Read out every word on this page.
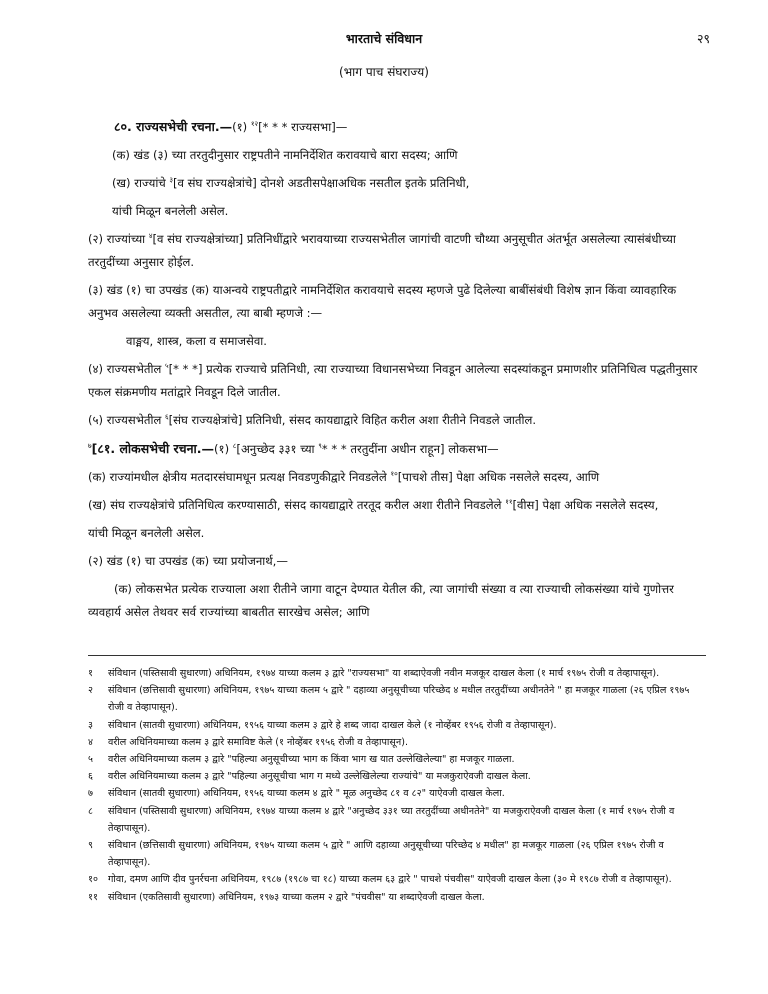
भारताचे संविधान	२९
(भाग पाच संघराज्य)

८०. राज्यसभेची रचना.—(१) $^{१२}$[* * * राज्यसभा]—

(क) खंड (३) च्या तरतुदीनुसार राष्ट्रपतीने नामनिर्देशित करावयाचे बारा सदस्य; आणि

(ख) राज्यांचे $^३$[व संघ राज्यक्षेत्रांचे] दोनशे अडतीसपेक्षाअधिक नसतील इतके प्रतिनिधी,

यांची मिळून बनलेली असेल.

(२) राज्यांच्या $^४$[व संघ राज्यक्षेत्रांच्या] प्रतिनिधींद्वारे भरावयाच्या राज्यसभेतील जागांची वाटणी चौथ्या अनुसूचीत अंतर्भूत असलेल्या त्यासंबंधीच्या तरतुदींच्या अनुसार होईल.

(३) खंड (१) चा उपखंड (क) याअन्वये राष्ट्रपतीद्वारे नामनिर्देशित करावयाचे सदस्य म्हणजे पुढे दिलेल्या बाबींसंबंधी विशेष ज्ञान किंवा व्यावहारिक अनुभव असलेल्या व्यक्ती असतील, त्या बाबी म्हणजे :—

वाङ्मय, शास्त्र, कला व समाजसेवा.

(४) राज्यसभेतील $^५$[* * *] प्रत्येक राज्याचे प्रतिनिधी, त्या राज्याच्या विधानसभेच्या निवडून आलेल्या सदस्यांकडून प्रमाणशीर प्रतिनिधित्व पद्धतीनुसार एकल संक्रमणीय मतांद्वारे निवडून दिले जातील.

(५) राज्यसभेतील $^६$[संघ राज्यक्षेत्रांचे] प्रतिनिधी, संसद कायद्याद्वारे विहित करील अशा रीतीने निवडले जातील.

$^७$[८१. लोकसभेची रचना.—(१) $^८$[अनुच्छेद ३३१ च्या $^९$* * * तरतुदींना अधीन राहून] लोकसभा—

(क) राज्यांमधील क्षेत्रीय मतदारसंघामधून प्रत्यक्ष निवडणुकीद्वारे निवडलेले $^{१०}$[पाचशे तीस] पेक्षा अधिक नसलेले सदस्य, आणि

(ख) संघ राज्यक्षेत्रांचे प्रतिनिधित्व करण्यासाठी, संसद कायद्याद्वारे तरतूद करील अशा रीतीने निवडलेले $^{११}$[वीस] पेक्षा अधिक नसलेले सदस्य,

यांची मिळून बनलेली असेल.

(२) खंड (१) चा उपखंड (क) च्या प्रयोजनार्थ,—

(क) लोकसभेत प्रत्येक राज्याला अशा रीतीने जागा वाटून देण्यात येतील की, त्या जागांची संख्या व त्या राज्याची लोकसंख्या यांचे गुणोत्तर व्यवहार्य असेल तेथवर सर्व राज्यांच्या बाबतीत सारखेच असेल; आणि

१ संविधान (पस्तिसावी सुधारणा) अधिनियम, १९७४ याच्या कलम ३ द्वारे "राज्यसभा" या शब्दाऐवजी नवीन मजकूर दाखल केला (१ मार्च १९७५ रोजी व तेव्हापासून).

२ संविधान (छत्तिसावी सुधारणा) अधिनियम, १९७५ याच्या कलम ५ द्वारे " दहाव्या अनुसूचीच्या परिच्छेद ४ मधील तरतुदींच्या अधीनतेने " हा मजकूर गाळला (२६ एप्रिल १९७५ रोजी व तेव्हापासून).

३ संविधान (सातवी सुधारणा) अधिनियम, १९५६ याच्या कलम ३ द्वारे हे शब्द जादा दाखल केले (१ नोव्हेंबर १९५६ रोजी व तेव्हापासून).

४ वरील अधिनियमाच्या कलम ३ द्वारे समाविष्ट केले (१ नोव्हेंबर १९५६ रोजी व तेव्हापासून).

५ वरील अधिनियमाच्या कलम ३ द्वारे "पहिल्या अनुसूचीच्या भाग क किंवा भाग ख यात उल्लेखिलेल्या" हा मजकूर गाळला.

६ वरील अधिनियमाच्या कलम ३ द्वारे "पहिल्या अनुसूचीचा भाग ग मध्ये उल्लेखिलेल्या राज्यांचे" या मजकुराऐवजी दाखल केला.

७ संविधान (सातवी सुधारणा) अधिनियम, १९५६ याच्या कलम ४ द्वारे " मूळ अनुच्छेद ८१ व ८२" याऐवजी दाखल केला.

८ संविधान (पस्तिसावी सुधारणा) अधिनियम, १९७४ याच्या कलम ४ द्वारे "अनुच्छेद ३३१ च्या तरतुदींच्या अधीनतेने" या मजकुराऐवजी दाखल केला (१ मार्च १९७५ रोजी व तेव्हापासून).

९ संविधान (छत्तिसावी सुधारणा) अधिनियम, १९७५ याच्या कलम ५ द्वारे " आणि दहाव्या अनुसूचीच्या परिच्छेद ४ मधील" हा मजकूर गाळला (२६ एप्रिल १९७५ रोजी व तेव्हापासून).

१० गोवा, दमण आणि दीव पुनर्रचना अधिनियम, १९८७ (१९८७ चा १८) याच्या कलम ६३ द्वारे " पाचशे पंचवीस" याऐवजी दाखल केला (३० मे १९८७ रोजी व तेव्हापासून).

११ संविधान (एकतिसावी सुधारणा) अधिनियम, १९७३ याच्या कलम २ द्वारे "पंचवीस" या शब्दाऐवजी दाखल केला.
